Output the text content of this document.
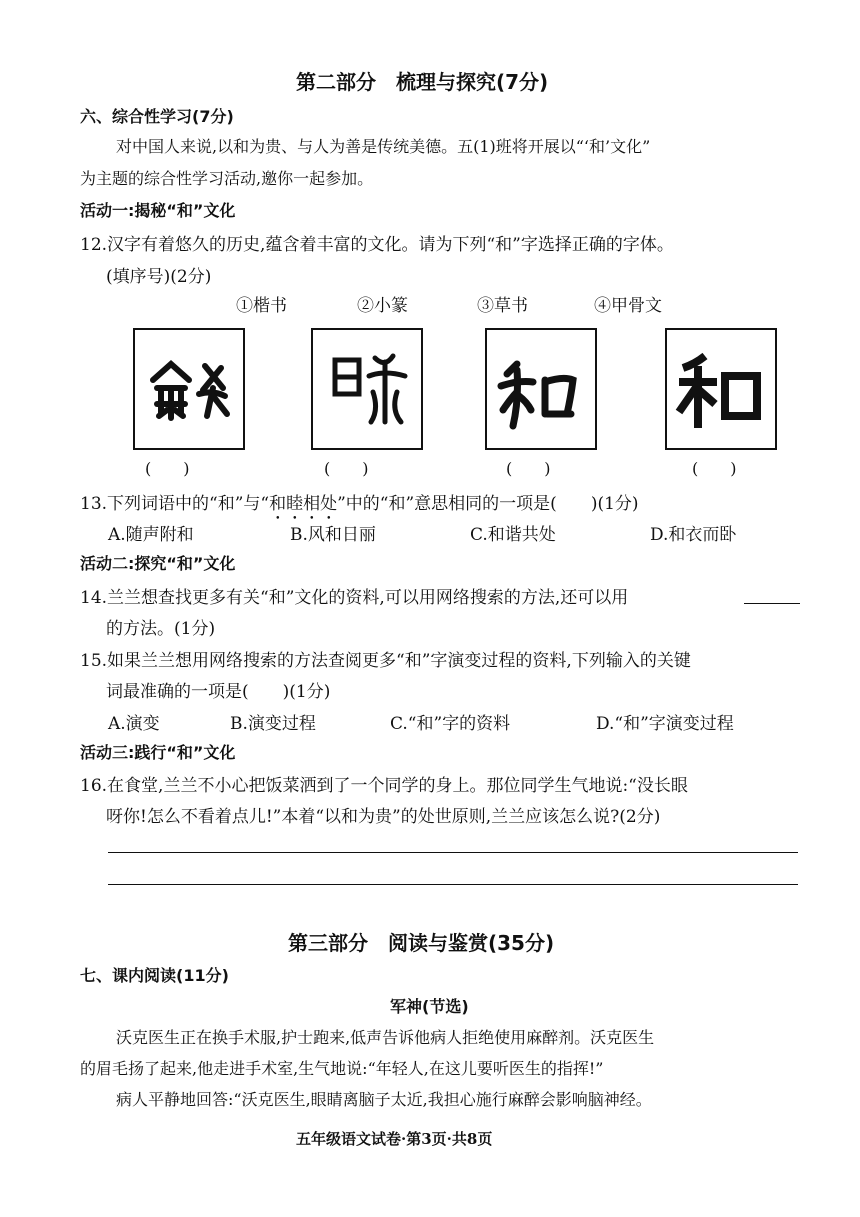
第二部分　梳理与探究(7分)
六、综合性学习(7分)
对中国人来说,以和为贵、与人为善是传统美德。五(1)班将开展以“‘和’文化”
为主题的综合性学习活动,邀你一起参加。
活动一:揭秘“和”文化
12.汉字有着悠久的历史,蕴含着丰富的文化。请为下列“和”字选择正确的字体。
(填序号)(2分)
①楷书	②小篆	③草书	④甲骨文
(　　)	(　　)	(　　)	(　　)
13.下列词语中的“和”与“和睦相处”中的“和”意思相同的一项是(　　)(1分)
A.随声附和	B.风和日丽	C.和谐共处	D.和衣而卧
活动二:探究“和”文化
14.兰兰想查找更多有关“和”文化的资料,可以用网络搜索的方法,还可以用
的方法。(1分)
15.如果兰兰想用网络搜索的方法查阅更多“和”字演变过程的资料,下列输入的关键
词最准确的一项是(　　)(1分)
A.演变	B.演变过程	C.“和”字的资料	D.“和”字演变过程
活动三:践行“和”文化
16.在食堂,兰兰不小心把饭菜洒到了一个同学的身上。那位同学生气地说:“没长眼
呀你!怎么不看着点儿!”本着“以和为贵”的处世原则,兰兰应该怎么说?(2分)
第三部分　阅读与鉴赏(35分)
七、课内阅读(11分)
军神(节选)
沃克医生正在换手术服,护士跑来,低声告诉他病人拒绝使用麻醉剂。沃克医生
的眉毛扬了起来,他走进手术室,生气地说:“年轻人,在这儿要听医生的指挥!”
病人平静地回答:“沃克医生,眼睛离脑子太近,我担心施行麻醉会影响脑神经。
五年级语文试卷·第3页·共8页
